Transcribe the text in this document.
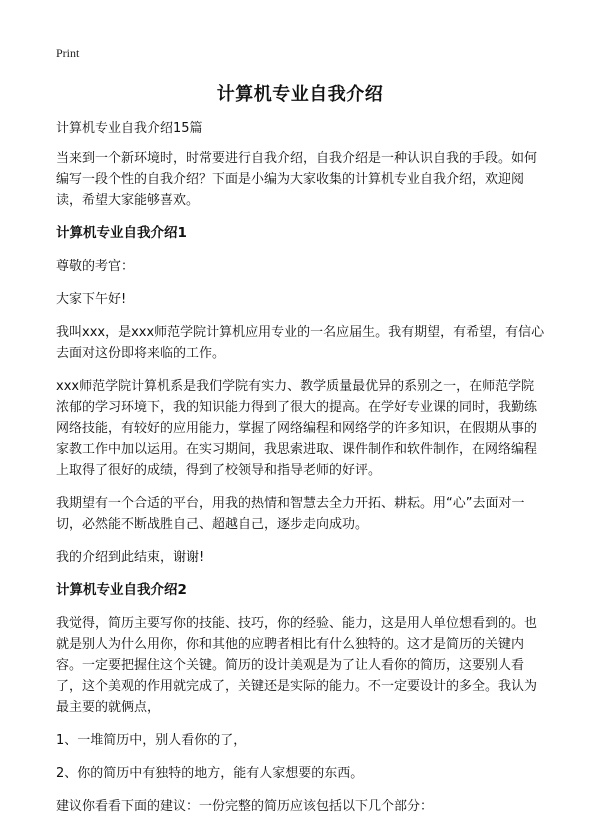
Print
计算机专业自我介绍

计算机专业自我介绍15篇

当来到一个新环境时，时常要进行自我介绍，自我介绍是一种认识自我的手段。如何编写一段个性的自我介绍？下面是小编为大家收集的计算机专业自我介绍，欢迎阅读，希望大家能够喜欢。

计算机专业自我介绍1

尊敬的考官：

大家下午好!

我叫xxx，是xxx师范学院计算机应用专业的一名应届生。我有期望，有希望，有信心去面对这份即将来临的工作。

xxx师范学院计算机系是我们学院有实力、教学质量最优异的系别之一，在师范学院浓郁的学习环境下，我的知识能力得到了很大的提高。在学好专业课的同时，我勤练网络技能，有较好的应用能力，掌握了网络编程和网络学的许多知识，在假期从事的家教工作中加以运用。在实习期间，我思索进取、课件制作和软件制作，在网络编程上取得了很好的成绩，得到了校领导和指导老师的好评。

我期望有一个合适的平台，用我的热情和智慧去全力开拓、耕耘。用“心”去面对一切，必然能不断战胜自己、超越自己，逐步走向成功。

我的介绍到此结束，谢谢!

计算机专业自我介绍2

我觉得，简历主要写你的技能、技巧，你的经验、能力，这是用人单位想看到的。也就是别人为什么用你，你和其他的应聘者相比有什么独特的。这才是简历的关键内容。一定要把握住这个关键。简历的设计美观是为了让人看你的简历，这要别人看了，这个美观的作用就完成了，关键还是实际的能力。不一定要设计的多全。我认为最主要的就俩点，

1、一堆简历中，别人看你的了，

2、你的简历中有独特的地方，能有人家想要的东西。

建议你看看下面的建议：一份完整的简历应该包括以下几个部分：
